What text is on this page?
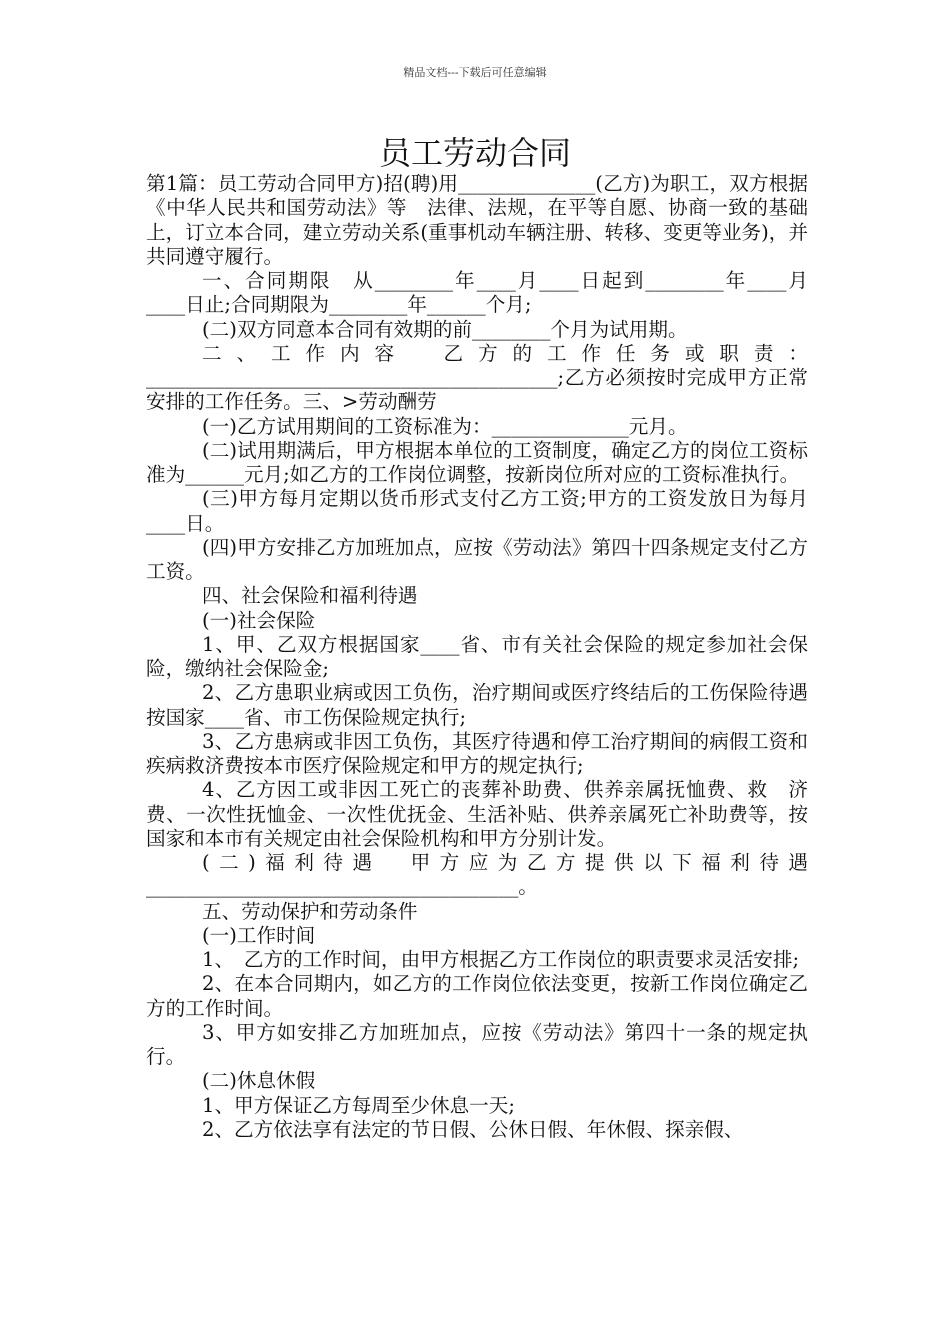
精品文档---下载后可任意编辑
员工劳动合同

第1篇：员工劳动合同甲方)招(聘)用______________(乙方)为职工，双方根据《中华人民共和国劳动法》等　法律、法规，在平等自愿、协商一致的基础上，订立本合同，建立劳动关系(重事机动车辆注册、转移、变更等业务)，并共同遵守履行。

一、合同期限　从________年____月____日起到________年____月____日止;合同期限为________年______个月;

(二)双方同意本合同有效期的前________个月为试用期。

二、工作内容　乙方的工作任务或职责：__________________________________________;乙方必须按时完成甲方正常安排的工作任务。三、>劳动酬劳

(一)乙方试用期间的工资标准为：______________元月。

(二)试用期满后，甲方根据本单位的工资制度，确定乙方的岗位工资标准为______元月;如乙方的工作岗位调整，按新岗位所对应的工资标准执行。

(三)甲方每月定期以货币形式支付乙方工资;甲方的工资发放日为每月____日。

(四)甲方安排乙方加班加点，应按《劳动法》第四十四条规定支付乙方工资。

四、社会保险和福利待遇

(一)社会保险

1、甲、乙双方根据国家____省、市有关社会保险的规定参加社会保险，缴纳社会保险金;

2、乙方患职业病或因工负伤，治疗期间或医疗终结后的工伤保险待遇按国家____省、市工伤保险规定执行;

3、乙方患病或非因工负伤，其医疗待遇和停工治疗期间的病假工资和疾病救济费按本市医疗保险规定和甲方的规定执行;

4、乙方因工或非因工死亡的丧葬补助费、供养亲属抚恤费、救　济费、一次性抚恤金、一次性优抚金、生活补贴、供养亲属死亡补助费等，按国家和本市有关规定由社会保险机构和甲方分别计发。

(二)福利待遇　甲方应为乙方提供以下福利待遇______________________________________。

五、劳动保护和劳动条件

(一)工作时间

1、　乙方的工作时间，由甲方根据乙方工作岗位的职责要求灵活安排;

2、在本合同期内，如乙方的工作岗位依法变更，按新工作岗位确定乙方的工作时间。

3、甲方如安排乙方加班加点，应按《劳动法》第四十一条的规定执行。

(二)休息休假

1、甲方保证乙方每周至少休息一天;

2、乙方依法享有法定的节日假、公休日假、年休假、探亲假、
